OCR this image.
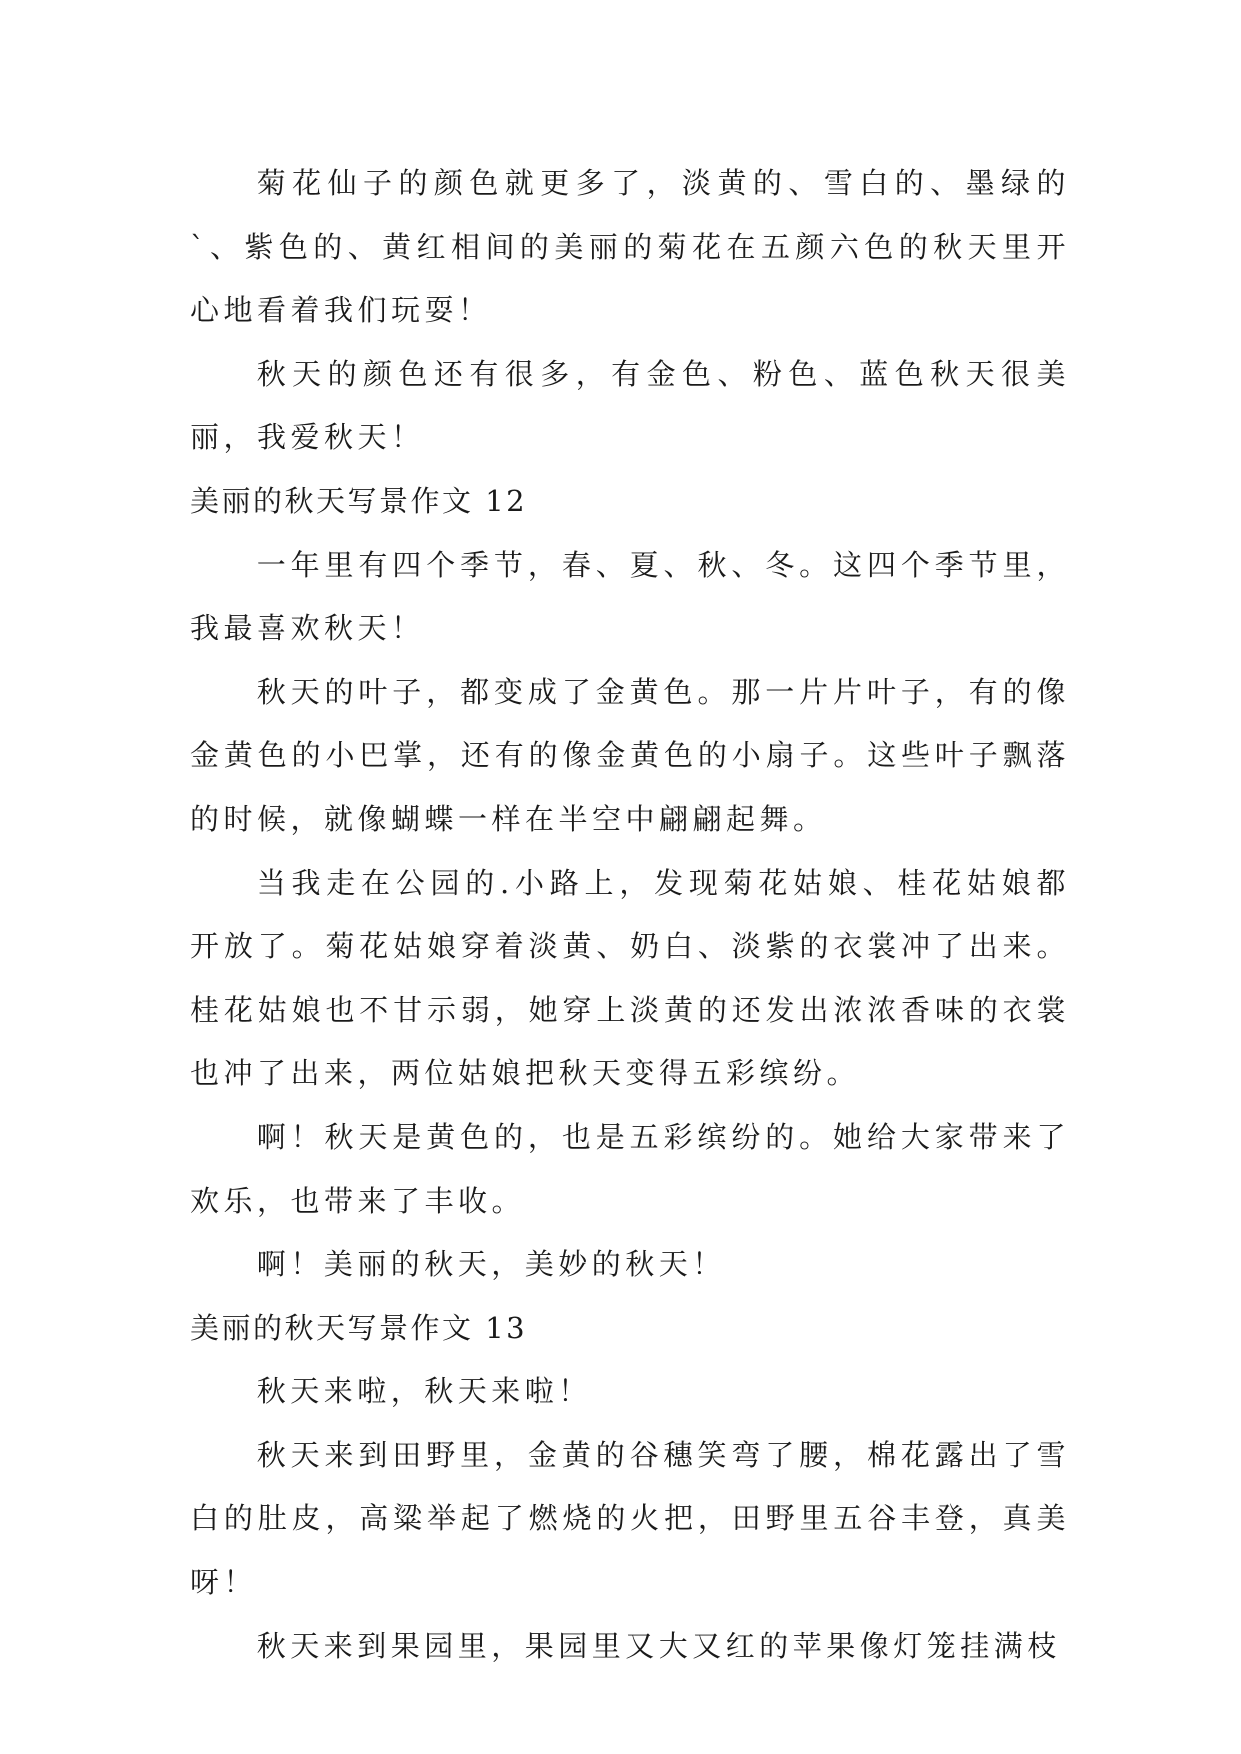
菊花仙子的颜色就更多了，淡黄的、雪白的、墨绿的`、紫色的、黄红相间的美丽的菊花在五颜六色的秋天里开心地看着我们玩耍！

秋天的颜色还有很多，有金色、粉色、蓝色秋天很美丽，我爱秋天！

美丽的秋天写景作文 12

一年里有四个季节，春、夏、秋、冬。这四个季节里，我最喜欢秋天！

秋天的叶子，都变成了金黄色。那一片片叶子，有的像金黄色的小巴掌，还有的像金黄色的小扇子。这些叶子飘落的时候，就像蝴蝶一样在半空中翩翩起舞。

当我走在公园的.小路上，发现菊花姑娘、桂花姑娘都开放了。菊花姑娘穿着淡黄、奶白、淡紫的衣裳冲了出来。桂花姑娘也不甘示弱，她穿上淡黄的还发出浓浓香味的衣裳也冲了出来，两位姑娘把秋天变得五彩缤纷。

啊！秋天是黄色的，也是五彩缤纷的。她给大家带来了欢乐，也带来了丰收。

啊！美丽的秋天，美妙的秋天！

美丽的秋天写景作文 13

秋天来啦，秋天来啦！

秋天来到田野里，金黄的谷穗笑弯了腰，棉花露出了雪白的肚皮，高粱举起了燃烧的火把，田野里五谷丰登，真美呀！

秋天来到果园里，果园里又大又红的苹果像灯笼挂满枝
